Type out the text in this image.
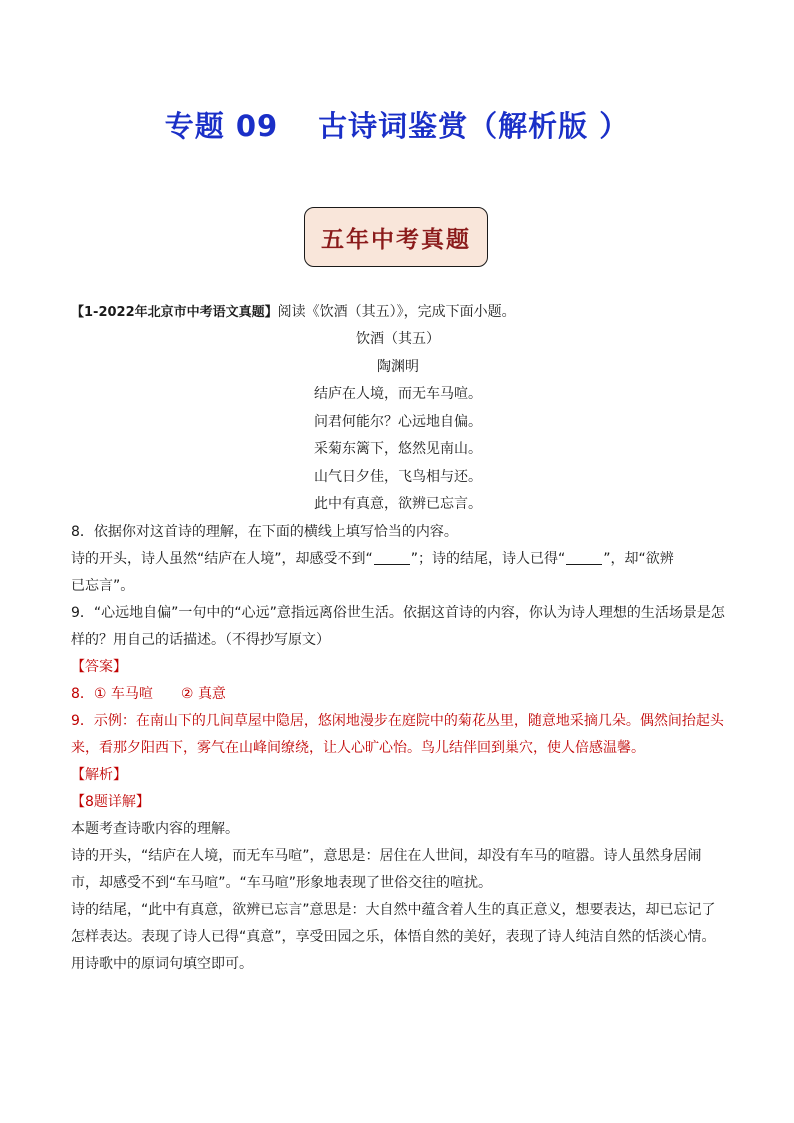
专题 09 古诗词鉴赏（解析版 ）
五年中考真题
【1-2022年北京市中考语文真题】阅读《饮酒（其五）》，完成下面小题。
饮酒（其五）
陶渊明
结庐在人境，而无车马喧。
问君何能尔？心远地自偏。
采菊东篱下，悠然见南山。
山气日夕佳，飞鸟相与还。
此中有真意，欲辨已忘言。
8．依据你对这首诗的理解，在下面的横线上填写恰当的内容。
诗的开头，诗人虽然“结庐在人境”，却感受不到“	”；诗的结尾，诗人已得“	”，却“欲辨
已忘言”。
9．“心远地自偏”一句中的“心远”意指远离俗世生活。依据这首诗的内容，你认为诗人理想的生活场景是怎样的？用自己的话描述。（不得抄写原文）
【答案】
8．① 车马喧 ② 真意
9．示例：在南山下的几间草屋中隐居，悠闲地漫步在庭院中的菊花丛里，随意地采摘几朵。偶然间抬起头来，看那夕阳西下，雾气在山峰间缭绕，让人心旷心怡。鸟儿结伴回到巢穴，使人倍感温馨。
【解析】
【8题详解】
本题考查诗歌内容的理解。
诗的开头，“结庐在人境，而无车马喧”，意思是：居住在人世间，却没有车马的喧嚣。诗人虽然身居闹市，却感受不到“车马喧”。“车马喧”形象地表现了世俗交往的喧扰。
诗的结尾，“此中有真意，欲辨已忘言”意思是：大自然中蕴含着人生的真正意义，想要表达，却已忘记了怎样表达。表现了诗人已得“真意”，享受田园之乐，体悟自然的美好，表现了诗人纯洁自然的恬淡心情。
用诗歌中的原词句填空即可。
